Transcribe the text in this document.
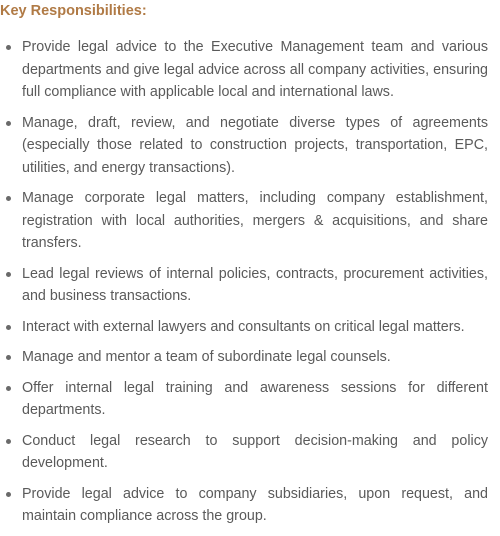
Key Responsibilities:
Provide legal advice to the Executive Management team and various departments and give legal advice across all company activities, ensuring full compliance with applicable local and international laws.
Manage, draft, review, and negotiate diverse types of agreements (especially those related to construction projects, transportation, EPC, utilities, and energy transactions).
Manage corporate legal matters, including company establishment, registration with local authorities, mergers & acquisitions, and share transfers.
Lead legal reviews of internal policies, contracts, procurement activities, and business transactions.
Interact with external lawyers and consultants on critical legal matters.
Manage and mentor a team of subordinate legal counsels.
Offer internal legal training and awareness sessions for different departments.
Conduct legal research to support decision-making and policy development.
Provide legal advice to company subsidiaries, upon request, and maintain compliance across the group.
